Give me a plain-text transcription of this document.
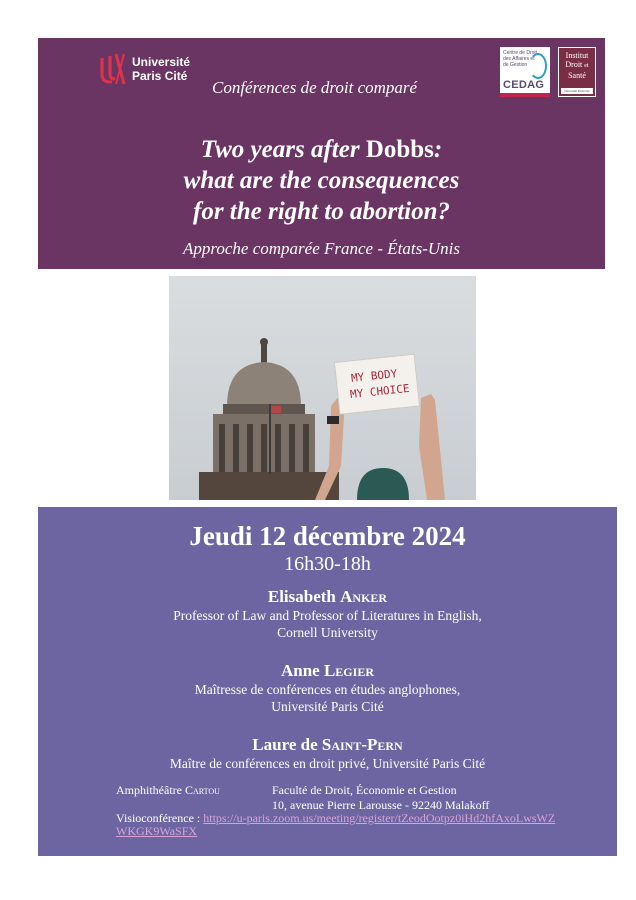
Université
Paris Cité
Conférences de droit comparé
Centre de Droit des Affaires et de Gestion
CEDAG
Institut
Droit et
Santé
Université Paris Cité
Two years after Dobbs:
what are the consequences
for the right to abortion?
Approche comparée France - États-Unis
MY BODY
MY CHOICE
Jeudi 12 décembre 2024
16h30-18h
Elisabeth Anker
Professor of Law and Professor of Literatures in English,
Cornell University
Anne Legier
Maîtresse de conférences en études anglophones,
Université Paris Cité
Laure de Saint-Pern
Maître de conférences en droit privé, Université Paris Cité
Amphithéâtre Cartou	Faculté de Droit, Économie et Gestion
10, avenue Pierre Larousse - 92240 Malakoff
Visioconférence : https://u-paris.zoom.us/meeting/register/tZeodOotpz0iHd2hfAxoLwsWZWKGK9WaSFX
